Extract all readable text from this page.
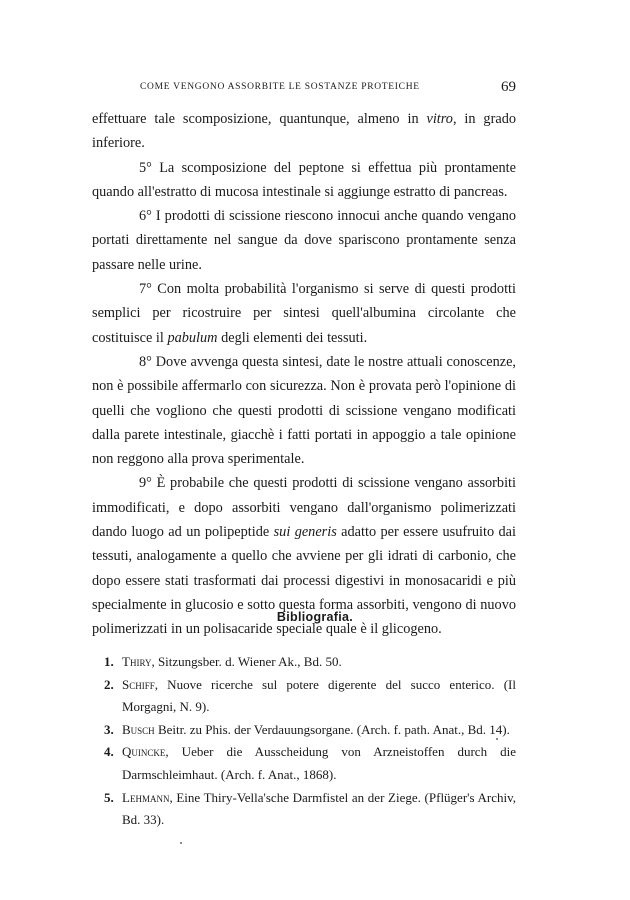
COME VENGONO ASSORBITE LE SOSTANZE PROTEICHE	69

effettuare tale scomposizione, quantunque, almeno in vitro, in grado inferiore.

5° La scomposizione del peptone si effettua più prontamente quando all'estratto di mucosa intestinale si aggiunge estratto di pancreas.

6° I prodotti di scissione riescono innocui anche quando vengano portati direttamente nel sangue da dove spariscono prontamente senza passare nelle urine.

7° Con molta probabilità l'organismo si serve di questi prodotti semplici per ricostruire per sintesi quell'albumina circolante che costituisce il pabulum degli elementi dei tessuti.

8° Dove avvenga questa sintesi, date le nostre attuali conoscenze, non è possibile affermarlo con sicurezza. Non è provata però l'opinione di quelli che vogliono che questi prodotti di scissione vengano modificati dalla parete intestinale, giacchè i fatti portati in appoggio a tale opinione non reggono alla prova sperimentale.

9° È probabile che questi prodotti di scissione vengano assorbiti immodificati, e dopo assorbiti vengano dall'organismo polimerizzati dando luogo ad un polipeptide sui generis adatto per essere usufruito dai tessuti, analogamente a quello che avviene per gli idrati di carbonio, che dopo essere stati trasformati dai processi digestivi in monosacaridi e più specialmente in glucosio e sotto questa forma assorbiti, vengono di nuovo polimerizzati in un polisacaride speciale quale è il glicogeno.

Bibliografia.
1. Thiry, Sitzungsber. d. Wiener Ak., Bd. 50.
2. Schiff, Nuove ricerche sul potere digerente del succo enterico. (Il Morgagni, N. 9).
3. Busch Beitr. zu Phis. der Verdauungsorgane. (Arch. f. path. Anat., Bd. 14).
4. Quincke, Ueber die Ausscheidung von Arzneistoffen durch die Darmschleimhaut. (Arch. f. Anat., 1868).
5. Lehmann, Eine Thiry-Vella'sche Darmfistel an der Ziege. (Pflüger's Archiv, Bd. 33).
